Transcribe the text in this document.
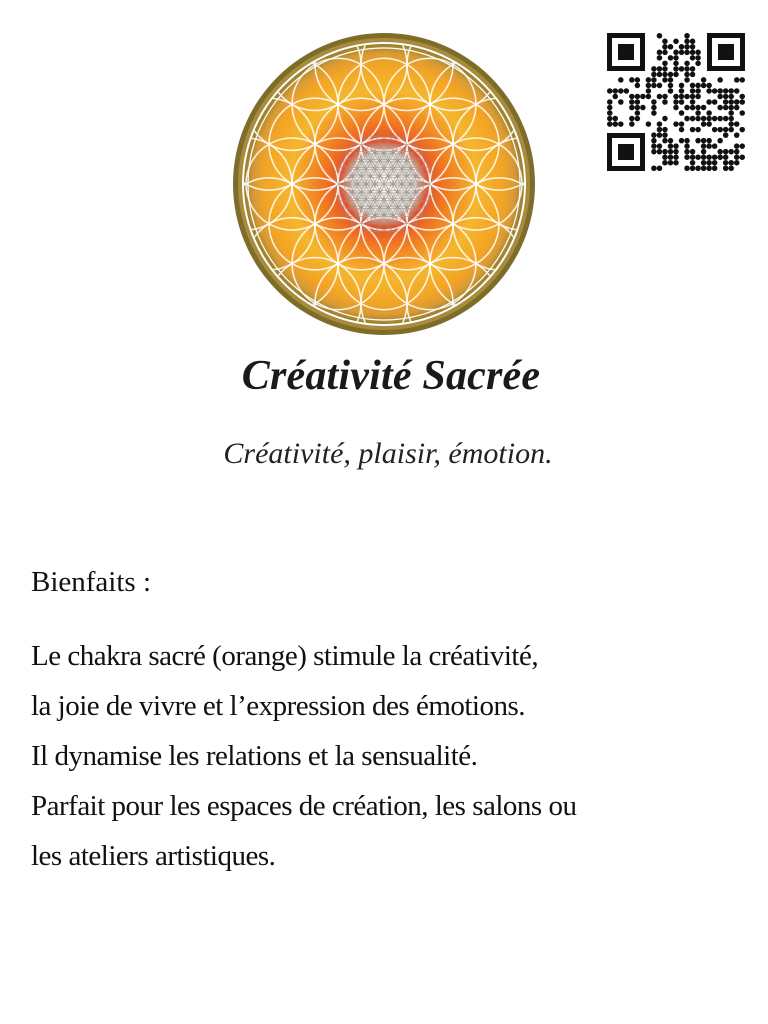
Créativité Sacrée
Créativité, plaisir, émotion.
Bienfaits :
Le chakra sacré (orange) stimule la créativité,
la joie de vivre et l’expression des émotions.
Il dynamise les relations et la sensualité.
Parfait pour les espaces de création, les salons ou
les ateliers artistiques.
